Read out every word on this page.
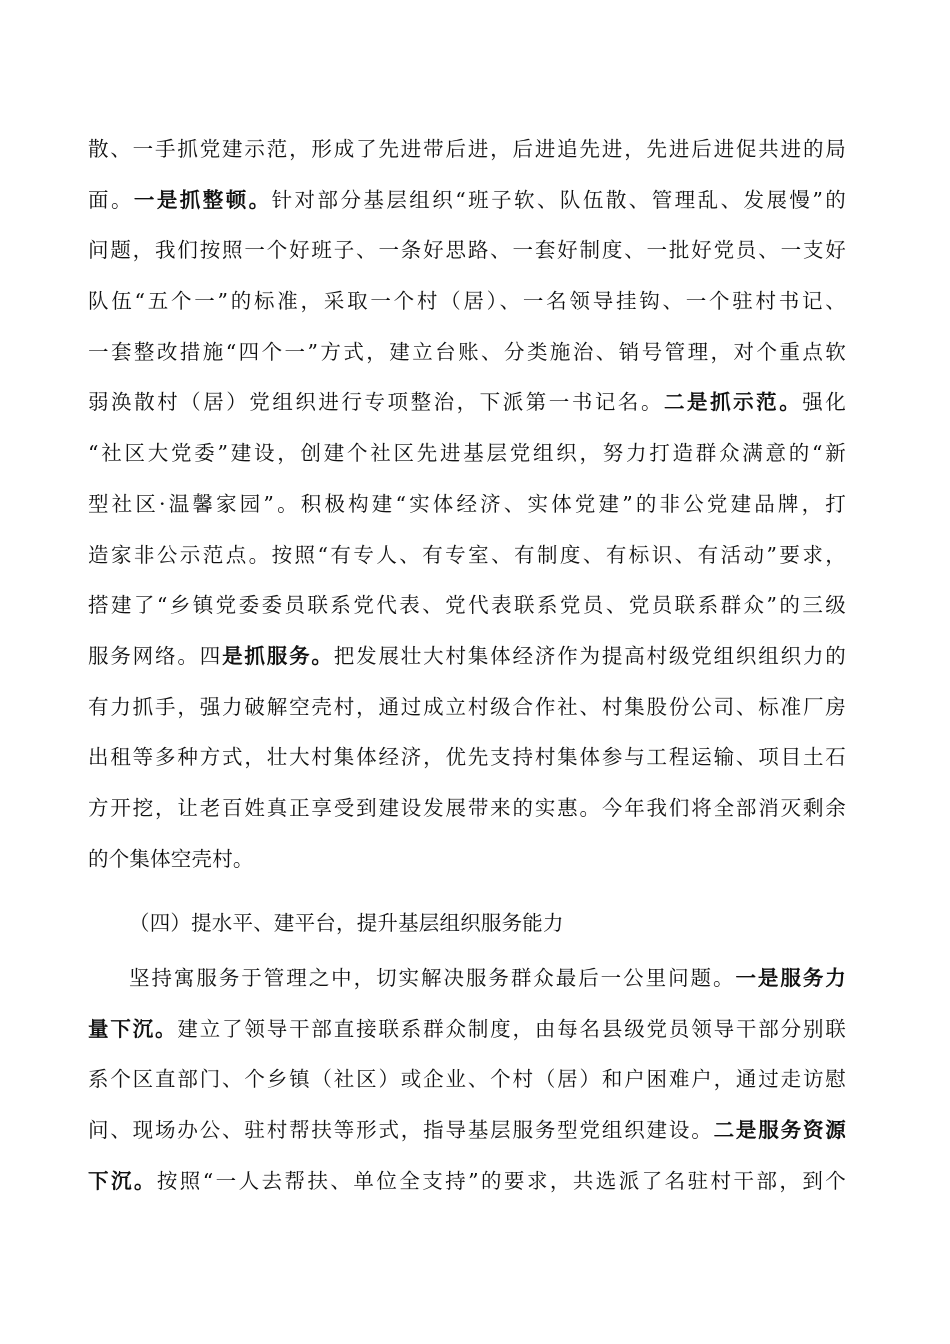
散、一手抓党建示范，形成了先进带后进，后进追先进，先进后进促共进的局
面。一是抓整顿。针对部分基层组织“班子软、队伍散、管理乱、发展慢”的
问题，我们按照一个好班子、一条好思路、一套好制度、一批好党员、一支好
队伍“五个一”的标准，采取一个村（居）、一名领导挂钩、一个驻村书记、
一套整改措施“四个一”方式，建立台账、分类施治、销号管理，对个重点软
弱涣散村（居）党组织进行专项整治，下派第一书记名。二是抓示范。强化
“社区大党委”建设，创建个社区先进基层党组织，努力打造群众满意的“新
型社区·温馨家园”。积极构建“实体经济、实体党建”的非公党建品牌，打
造家非公示范点。按照“有专人、有专室、有制度、有标识、有活动”要求，
搭建了“乡镇党委委员联系党代表、党代表联系党员、党员联系群众”的三级
服务网络。四是抓服务。把发展壮大村集体经济作为提高村级党组织组织力的
有力抓手，强力破解空壳村，通过成立村级合作社、村集股份公司、标准厂房
出租等多种方式，壮大村集体经济，优先支持村集体参与工程运输、项目土石
方开挖，让老百姓真正享受到建设发展带来的实惠。今年我们将全部消灭剩余
的个集体空壳村。
（四）提水平、建平台，提升基层组织服务能力
坚持寓服务于管理之中，切实解决服务群众最后一公里问题。一是服务力
量下沉。建立了领导干部直接联系群众制度，由每名县级党员领导干部分别联
系个区直部门、个乡镇（社区）或企业、个村（居）和户困难户，通过走访慰
问、现场办公、驻村帮扶等形式，指导基层服务型党组织建设。二是服务资源
下沉。按照“一人去帮扶、单位全支持”的要求，共选派了名驻村干部，到个
